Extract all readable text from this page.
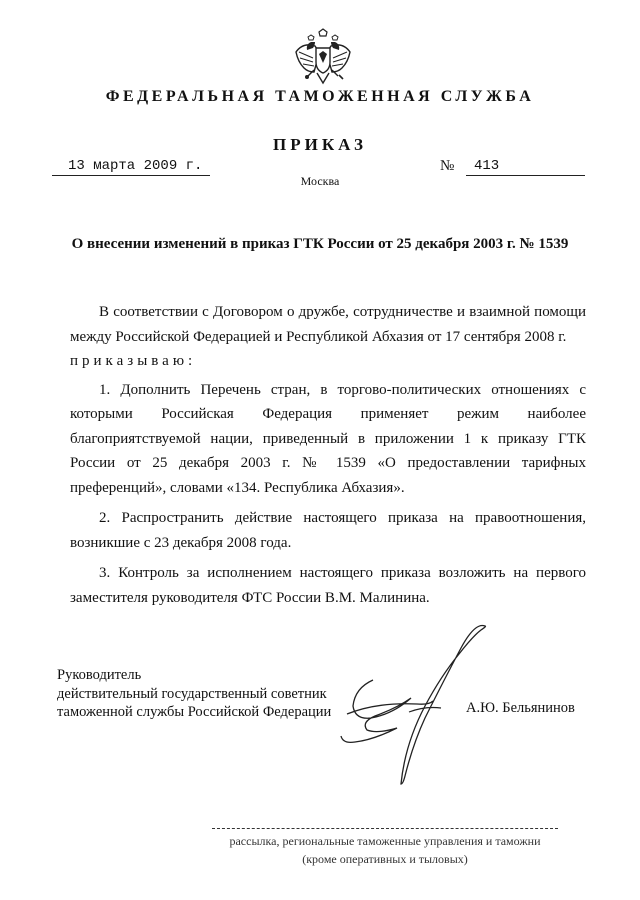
ФЕДЕРАЛЬНАЯ ТАМОЖЕННАЯ СЛУЖБА
ПРИКАЗ
13 марта 2009 г.	№	413
Москва
О внесении изменений в приказ ГТК России от 25 декабря 2003 г. № 1539

В соответствии с Договором о дружбе, сотрудничестве и взаимной помощи между Российской Федерацией и Республикой Абхазия от 17 сентября 2008 г.

приказываю:

1. Дополнить Перечень стран, в торгово-политических отношениях с которыми Российская Федерация применяет режим наиболее благоприятствуемой нации, приведенный в приложении 1 к приказу ГТК России от 25 декабря 2003 г. № 1539 «О предоставлении тарифных преференций», словами «134. Республика Абхазия».

2. Распространить действие настоящего приказа на правоотношения, возникшие с 23 декабря 2008 года.

3. Контроль за исполнением настоящего приказа возложить на первого заместителя руководителя ФТС России В.М. Малинина.

Руководитель
действительный государственный советник
таможенной службы Российской Федерации	А.Ю. Бельянинов
рассылка, региональные таможенные управления и таможни
(кроме оперативных и тыловых)
